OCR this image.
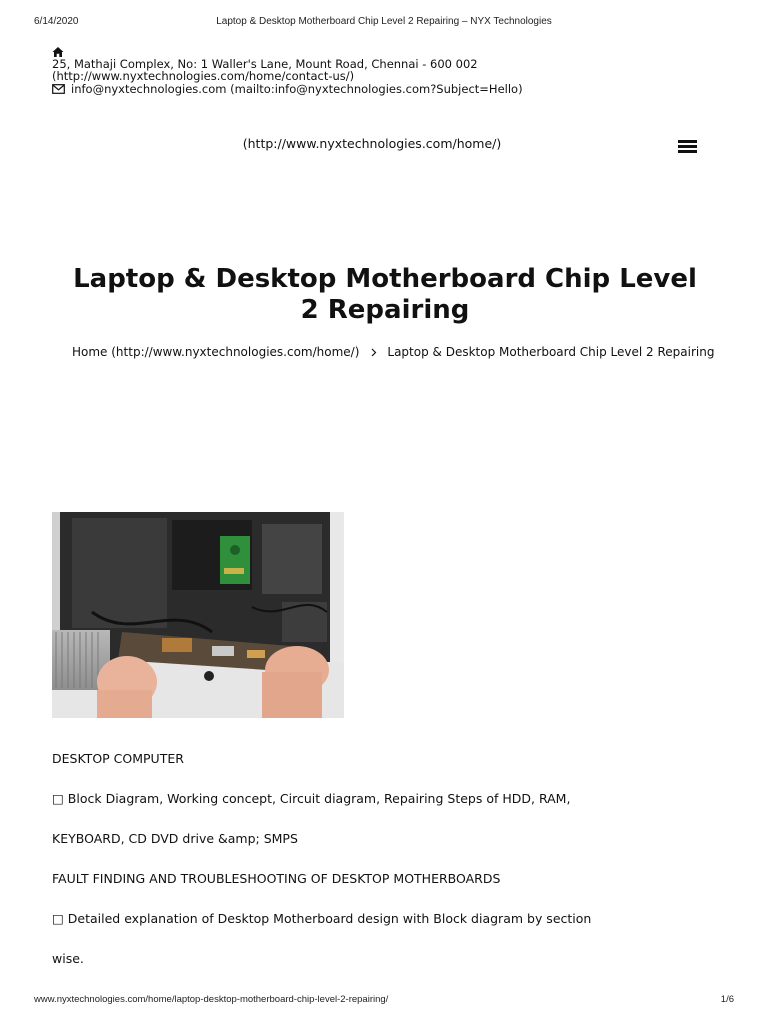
6/14/2020	Laptop & Desktop Motherboard Chip Level 2 Repairing – NYX Technologies
25, Mathaji Complex, No: 1 Waller's Lane, Mount Road, Chennai - 600 002
(http://www.nyxtechnologies.com/home/contact-us/)
info@nyxtechnologies.com (mailto:info@nyxtechnologies.com?Subject=Hello)
(http://www.nyxtechnologies.com/home/)
Laptop & Desktop Motherboard Chip Level 2 Repairing
Home (http://www.nyxtechnologies.com/home/) Laptop & Desktop Motherboard Chip Level 2 Repairing

DESKTOP COMPUTER

□ Block Diagram, Working concept, Circuit diagram, Repairing Steps of HDD, RAM,

KEYBOARD, CD DVD drive &amp; SMPS

FAULT FINDING AND TROUBLESHOOTING OF DESKTOP MOTHERBOARDS

□ Detailed explanation of Desktop Motherboard design with Block diagram by section

wise.

www.nyxtechnologies.com/home/laptop-desktop-motherboard-chip-level-2-repairing/	1/6
